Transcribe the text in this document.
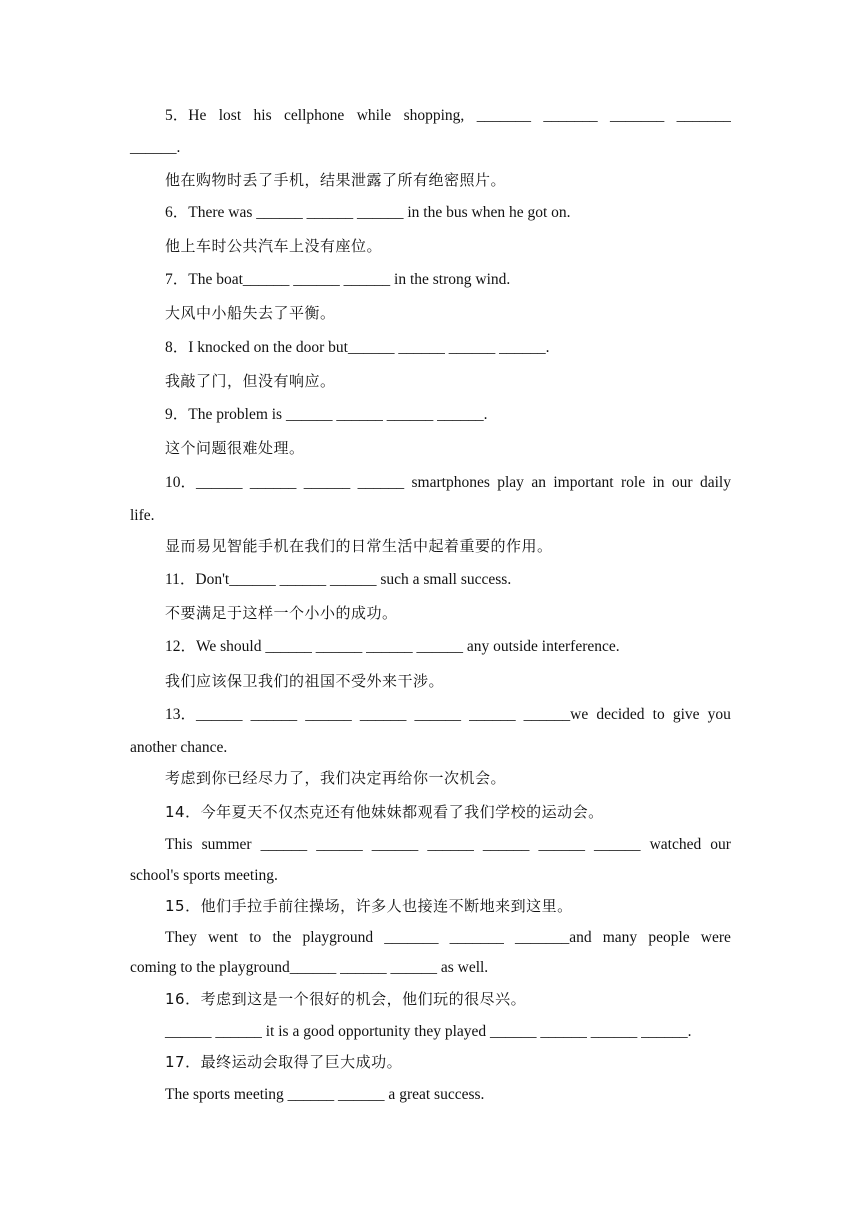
5．He lost his cellphone while shopping, _______ _______ _______ _______
______.
他在购物时丢了手机，结果泄露了所有绝密照片。
6．There was ______ ______ ______ in the bus when he got on.
他上车时公共汽车上没有座位。
7．The boat______ ______ ______ in the strong wind.
大风中小船失去了平衡。
8．I knocked on the door but______ ______ ______ ______.
我敲了门，但没有响应。
9．The problem is ______ ______ ______ ______.
这个问题很难处理。
10．______ ______ ______ ______ smartphones play an important role in our daily
life.
显而易见智能手机在我们的日常生活中起着重要的作用。
11．Don't______ ______ ______ such a small success.
不要满足于这样一个小小的成功。
12．We should ______ ______ ______ ______ any outside interference.
我们应该保卫我们的祖国不受外来干涉。
13．______ ______ ______ ______ ______ ______ ______we decided to give you
another chance.
考虑到你已经尽力了，我们决定再给你一次机会。
14．今年夏天不仅杰克还有他妹妹都观看了我们学校的运动会。
This summer ______ ______ ______ ______ ______ ______ ______ watched our
school's sports meeting.
15．他们手拉手前往操场，许多人也接连不断地来到这里。
They went to the playground _______ _______ _______and many people were
coming to the playground______ ______ ______ as well.
16．考虑到这是一个很好的机会，他们玩的很尽兴。
______ ______ it is a good opportunity they played ______ ______ ______ ______.
17．最终运动会取得了巨大成功。
The sports meeting ______ ______ a great success.
